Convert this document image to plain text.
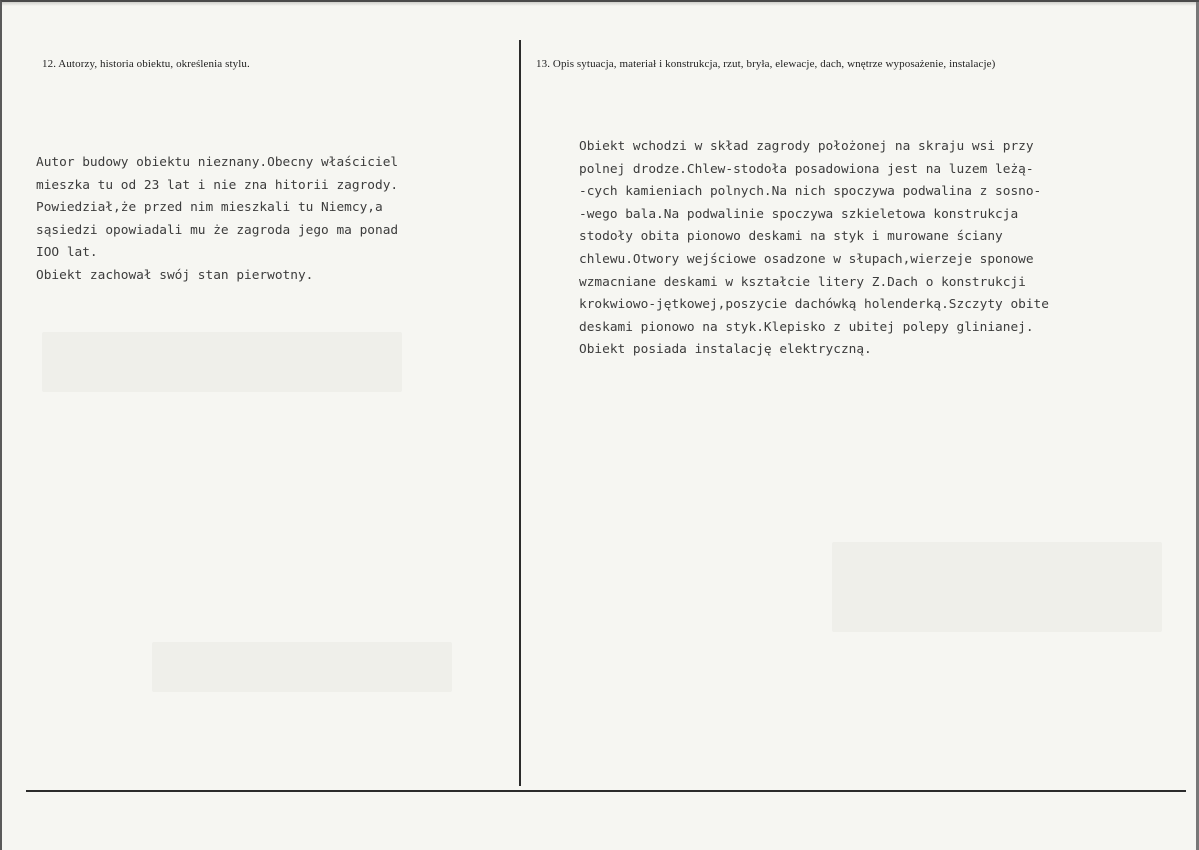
12. Autorzy, historia obiektu, określenia stylu.	13. Opis sytuacja, materiał i konstrukcja, rzut, bryła, elewacje, dach, wnętrze wyposażenie, instalacje)
Autor budowy obiektu nieznany.Obecny właściciel
mieszka tu od 23 lat i nie zna hitorii zagrody.
Powiedział,że przed nim mieszkali tu Niemcy,a
sąsiedzi opowiadali mu że zagroda jego ma ponad
IOO lat.
Obiekt zachował swój stan pierwotny.
Obiekt wchodzi w skład zagrody położonej na skraju wsi przy
polnej drodze.Chlew-stodoła posadowiona jest na luzem leżą-
-cych kamieniach polnych.Na nich spoczywa podwalina z sosno-
-wego bala.Na podwalinie spoczywa szkieletowa konstrukcja
stodoły obita pionowo deskami na styk i murowane ściany
chlewu.Otwory wejściowe osadzone w słupach,wierzeje sponowe
wzmacniane deskami w kształcie litery Z.Dach o konstrukcji
krokwiowo-jętkowej,poszycie dachówką holenderką.Szczyty obite
deskami pionowo na styk.Klepisko z ubitej polepy glinianej.
Obiekt posiada instalację elektryczną.
